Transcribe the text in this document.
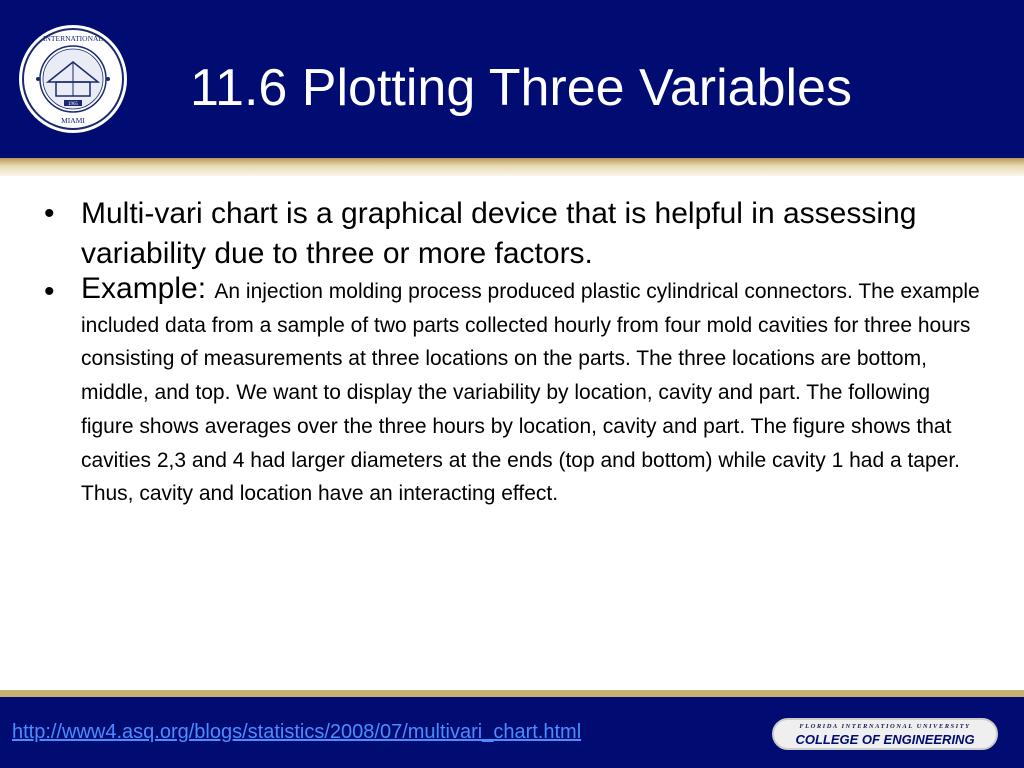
1965
INTERNATIONAL
MIAMI
11.6 Plotting Three Variables
• Multi-vari chart is a graphical device that is helpful in assessing variability due to three or more factors.
• Example: An injection molding process produced plastic cylindrical connectors. The example included data from a sample of two parts collected hourly from four mold cavities for three hours consisting of measurements at three locations on the parts. The three locations are bottom, middle, and top. We want to display the variability by location, cavity and part. The following figure shows averages over the three hours by location, cavity and part. The figure shows that cavities 2,3 and 4 had larger diameters at the ends (top and bottom) while cavity 1 had a taper. Thus, cavity and location have an interacting effect.
http://www4.asq.org/blogs/statistics/2008/07/multivari_chart.html	FLORIDA INTERNATIONAL UNIVERSITY
COLLEGE OF ENGINEERING
